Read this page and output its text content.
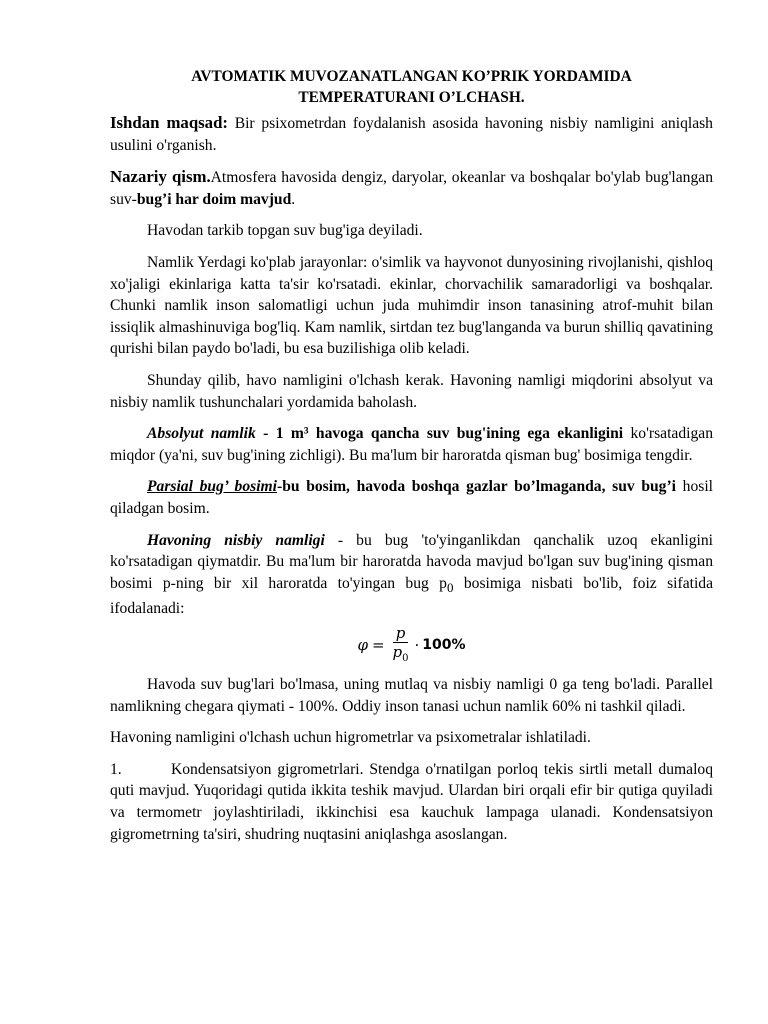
AVTOMATIK MUVOZANATLANGAN KO’PRIK YORDAMIDA
TEMPERATURANI O’LCHASH.
Ishdan maqsad: Bir psixometrdan foydalanish asosida havoning nisbiy namligini aniqlash usulini o'rganish.
Nazariy qism.Atmosfera havosida dengiz, daryolar, okeanlar va boshqalar bo'ylab bug'langan suv-bug’i har doim mavjud.
Havodan tarkib topgan suv bug'iga deyiladi.
Namlik Yerdagi ko'plab jarayonlar: o'simlik va hayvonot dunyosining rivojlanishi, qishloq xo'jaligi ekinlariga katta ta'sir ko'rsatadi. ekinlar, chorvachilik samaradorligi va boshqalar. Chunki namlik inson salomatligi uchun juda muhimdir inson tanasining atrof-muhit bilan issiqlik almashinuviga bog'liq. Kam namlik, sirtdan tez bug'langanda va burun shilliq qavatining qurishi bilan paydo bo'ladi, bu esa buzilishiga olib keladi.
Shunday qilib, havo namligini o'lchash kerak. Havoning namligi miqdorini absolyut va nisbiy namlik tushunchalari yordamida baholash.
Absolyut namlik - 1 m³ havoga qancha suv bug'ining ega ekanligini ko'rsatadigan miqdor (ya'ni, suv bug'ining zichligi). Bu ma'lum bir haroratda qisman bug' bosimiga tengdir.
Parsial bug’ bosimi-bu bosim, havoda boshqa gazlar bo’lmaganda, suv bug’i hosil qiladgan bosim.
Havoning nisbiy namligi - bu bug 'to'yinganlikdan qanchalik uzoq ekanligini ko'rsatadigan qiymatdir. Bu ma'lum bir haroratda havoda mavjud bo'lgan suv bug'ining qisman bosimi p-ning bir xil haroratda to'yingan bug $p_0$ bosimiga nisbati bo'lib, foiz sifatida ifodalanadi:
$\varphi = \frac{p}{p_0} \cdot 100\%$
Havoda suv bug'lari bo'lmasa, uning mutlaq va nisbiy namligi 0 ga teng bo'ladi. Parallel namlikning chegara qiymati - 100%. Oddiy inson tanasi uchun namlik 60% ni tashkil qiladi.
Havoning namligini o'lchash uchun higrometrlar va psixometralar ishlatiladi.
1.	Kondensatsiyon gigrometrlari. Stendga o'rnatilgan porloq tekis sirtli metall dumaloq quti mavjud. Yuqoridagi qutida ikkita teshik mavjud. Ulardan biri orqali efir bir qutiga quyiladi va termometr joylashtiriladi, ikkinchisi esa kauchuk lampaga ulanadi. Kondensatsiyon gigrometrning ta'siri, shudring nuqtasini aniqlashga asoslangan.
